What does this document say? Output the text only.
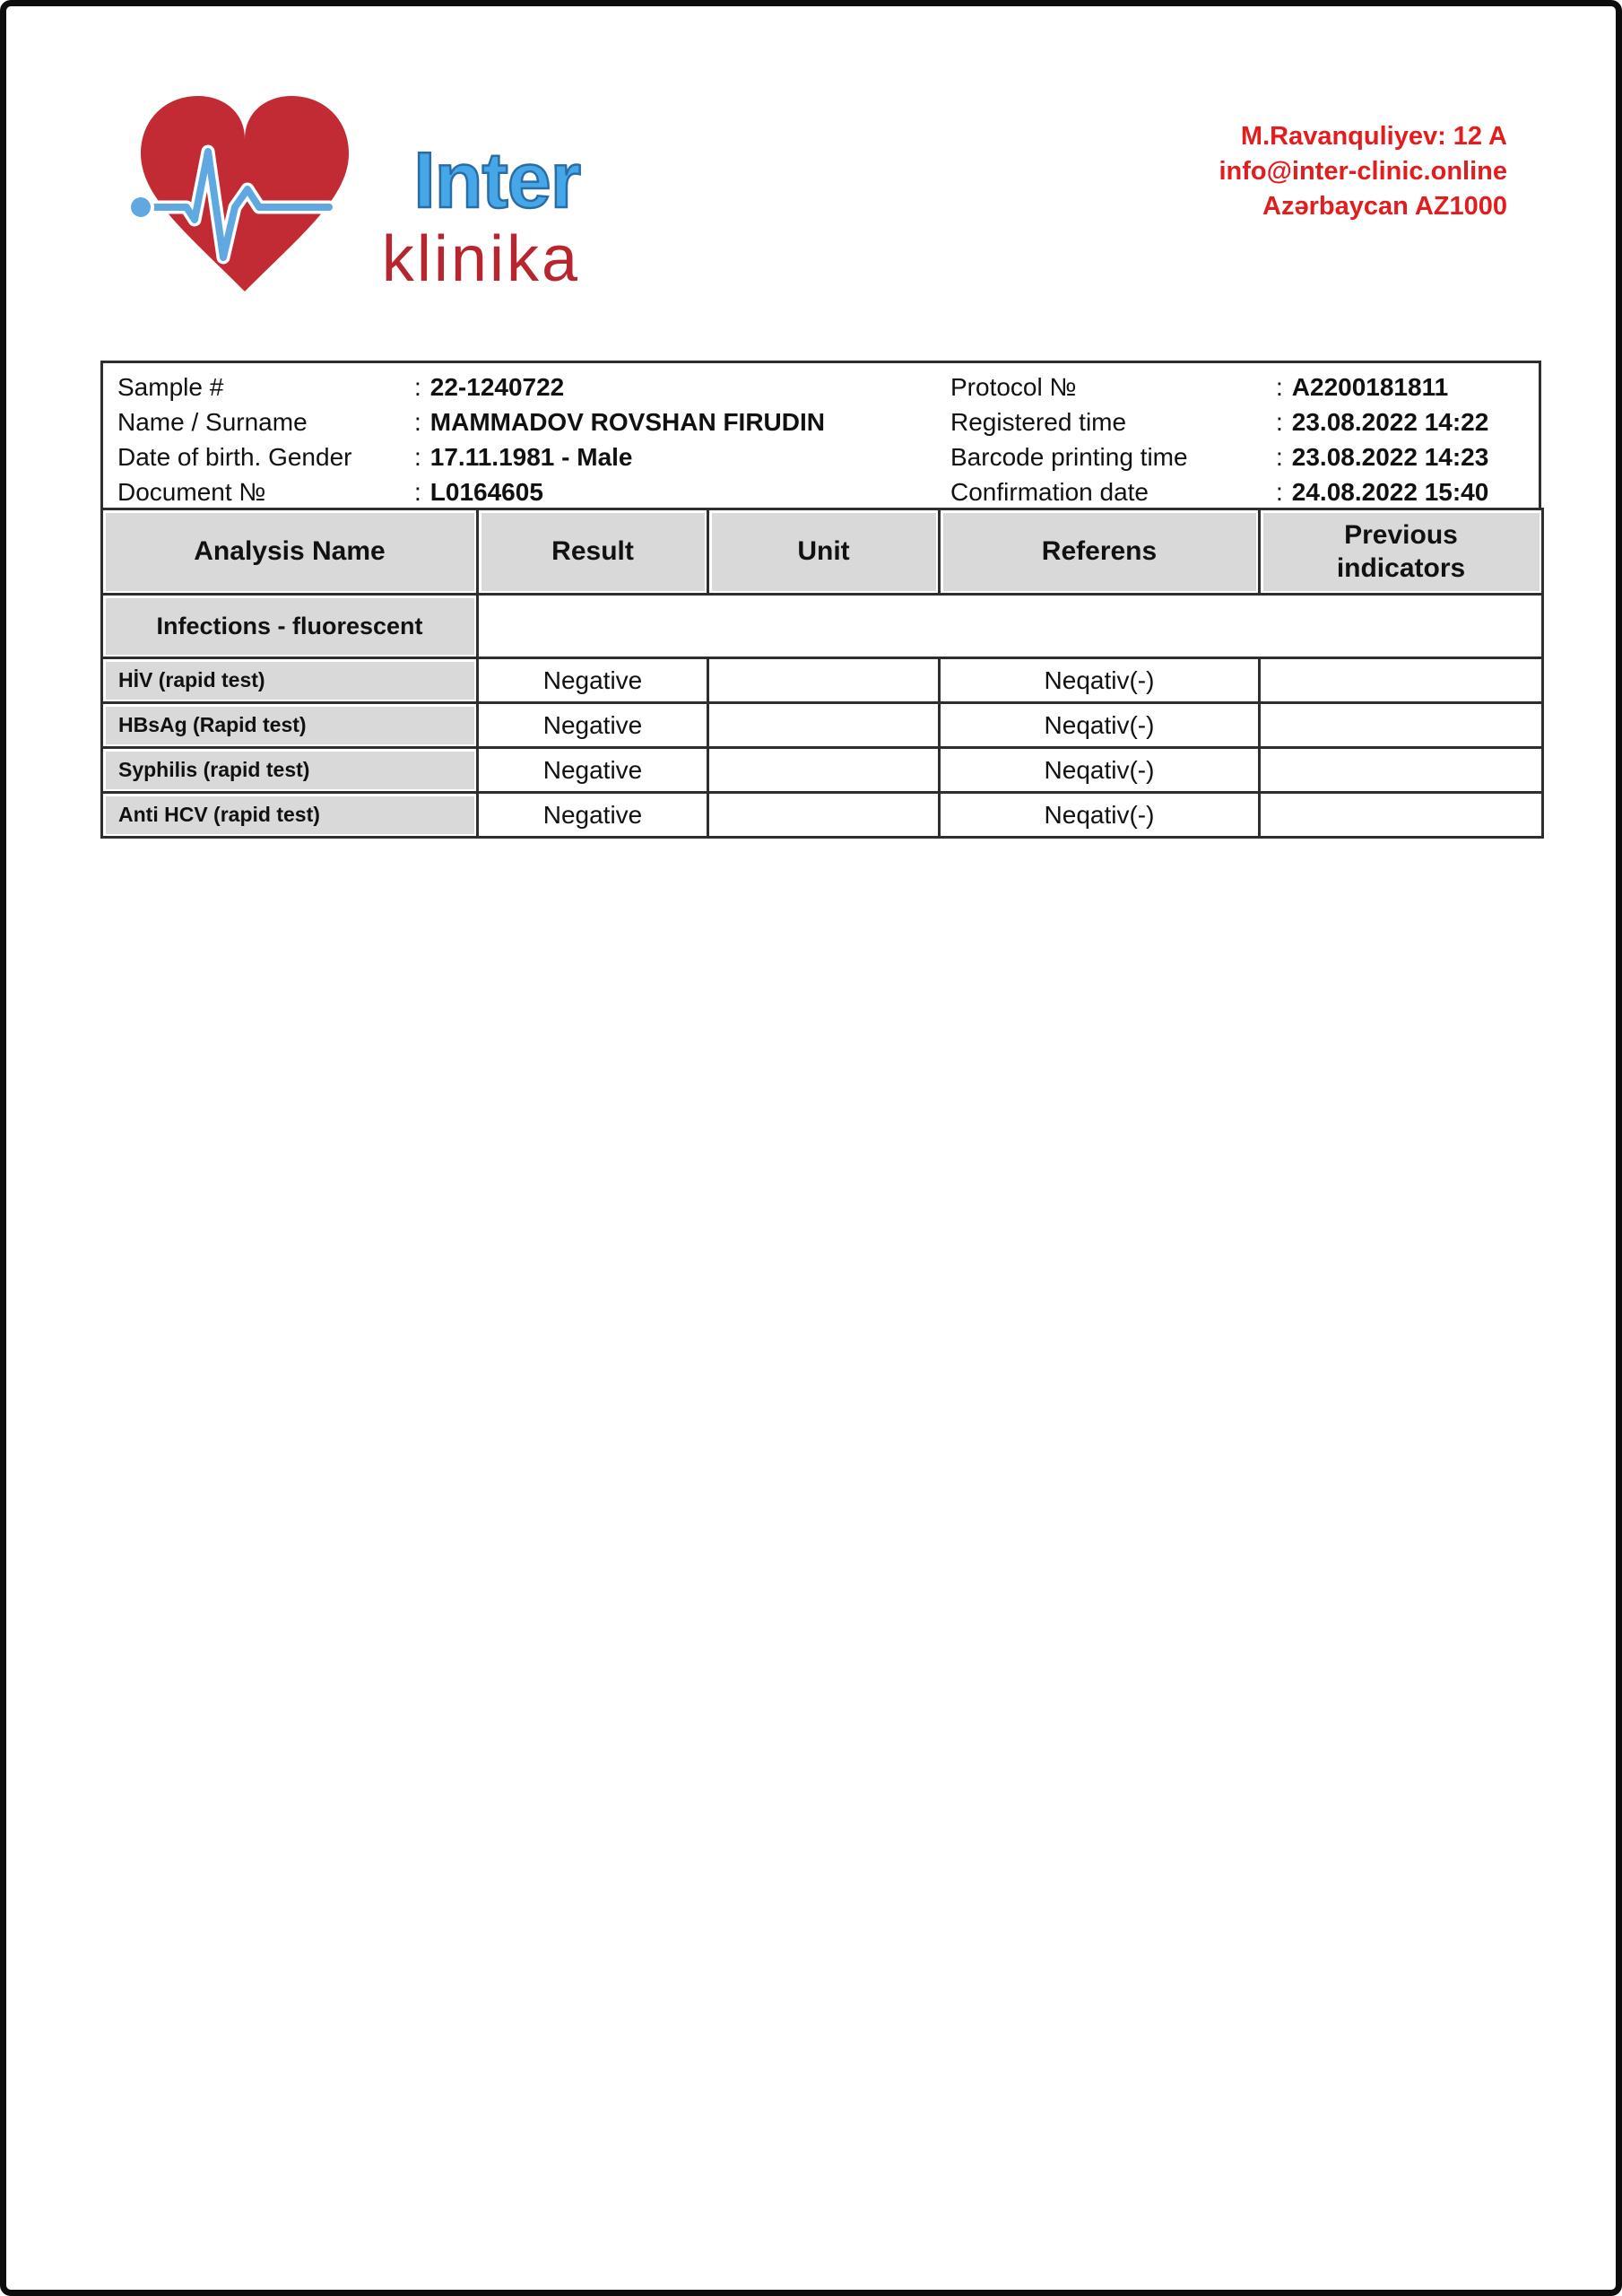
Inter
klinika
M.Ravanquliyev: 12 A
info@inter-clinic.online
Azərbaycan AZ1000
Sample #	: 22-1240722
Name / Surname	: MAMMADOV ROVSHAN FIRUDIN
Date of birth. Gender	: 17.11.1981 - Male
Document №	: L0164605
Protocol №	: A2200181811
Registered time	: 23.08.2022 14:22
Barcode printing time	: 23.08.2022 14:23
Confirmation date	: 24.08.2022 15:40
Analysis Name	Result	Unit	Referens	Previous indicators
Infections - fluorescent				
HİV (rapid test)	Negative		Neqativ(-)	
HBsAg (Rapid test)	Negative		Neqativ(-)	
Syphilis (rapid test)	Negative		Neqativ(-)	
Anti HCV (rapid test)	Negative		Neqativ(-)	
